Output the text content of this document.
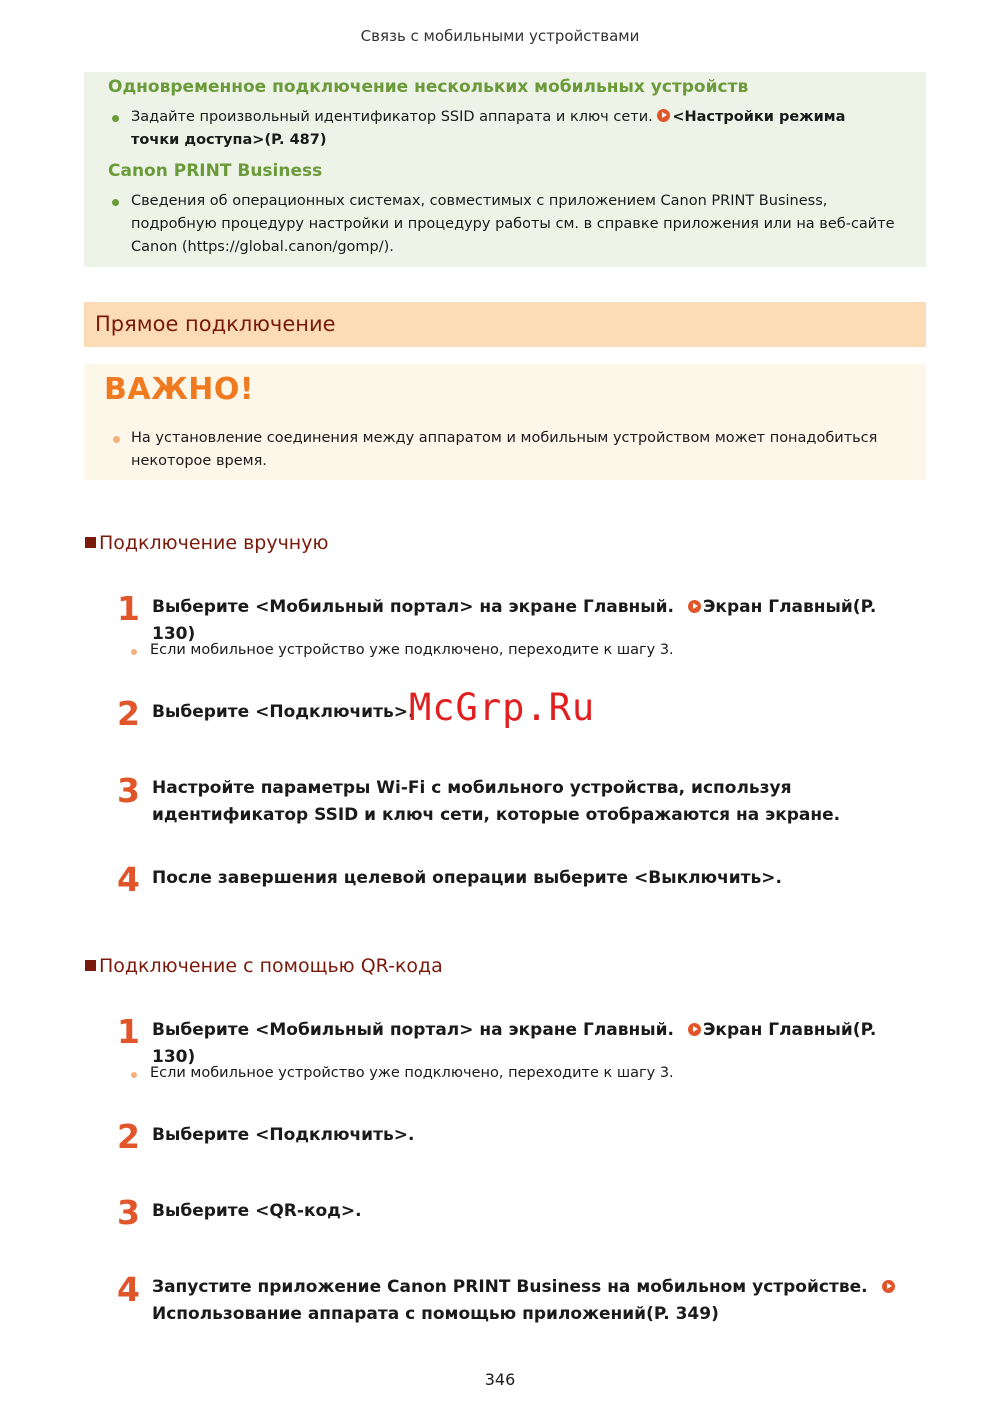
Связь с мобильными устройствами
Одновременное подключение нескольких мобильных устройств
Задайте произвольный идентификатор SSID аппарата и ключ сети. <Настройки режима точки доступа>(P. 487)
Canon PRINT Business
Сведения об операционных системах, совместимых с приложением Canon PRINT Business, подробную процедуру настройки и процедуру работы см. в справке приложения или на веб-сайте Canon (https://global.canon/gomp/).
Прямое подключение
ВАЖНО!
На установление соединения между аппаратом и мобильным устройством может понадобиться некоторое время.
Подключение вручную
1 Выберите <Мобильный портал> на экране Главный. Экран Главный(P. 130)
Если мобильное устройство уже подключено, переходите к шагу 3.
2 Выберите <Подключить>.
McGrp.Ru
3 Настройте параметры Wi-Fi с мобильного устройства, используя идентификатор SSID и ключ сети, которые отображаются на экране.
4 После завершения целевой операции выберите <Выключить>.
Подключение с помощью QR-кода
1 Выберите <Мобильный портал> на экране Главный. Экран Главный(P. 130)
Если мобильное устройство уже подключено, переходите к шагу 3.
2 Выберите <Подключить>.
3 Выберите <QR-код>.
4 Запустите приложение Canon PRINT Business на мобильном устройстве.
Использование аппарата с помощью приложений(P. 349)
346
